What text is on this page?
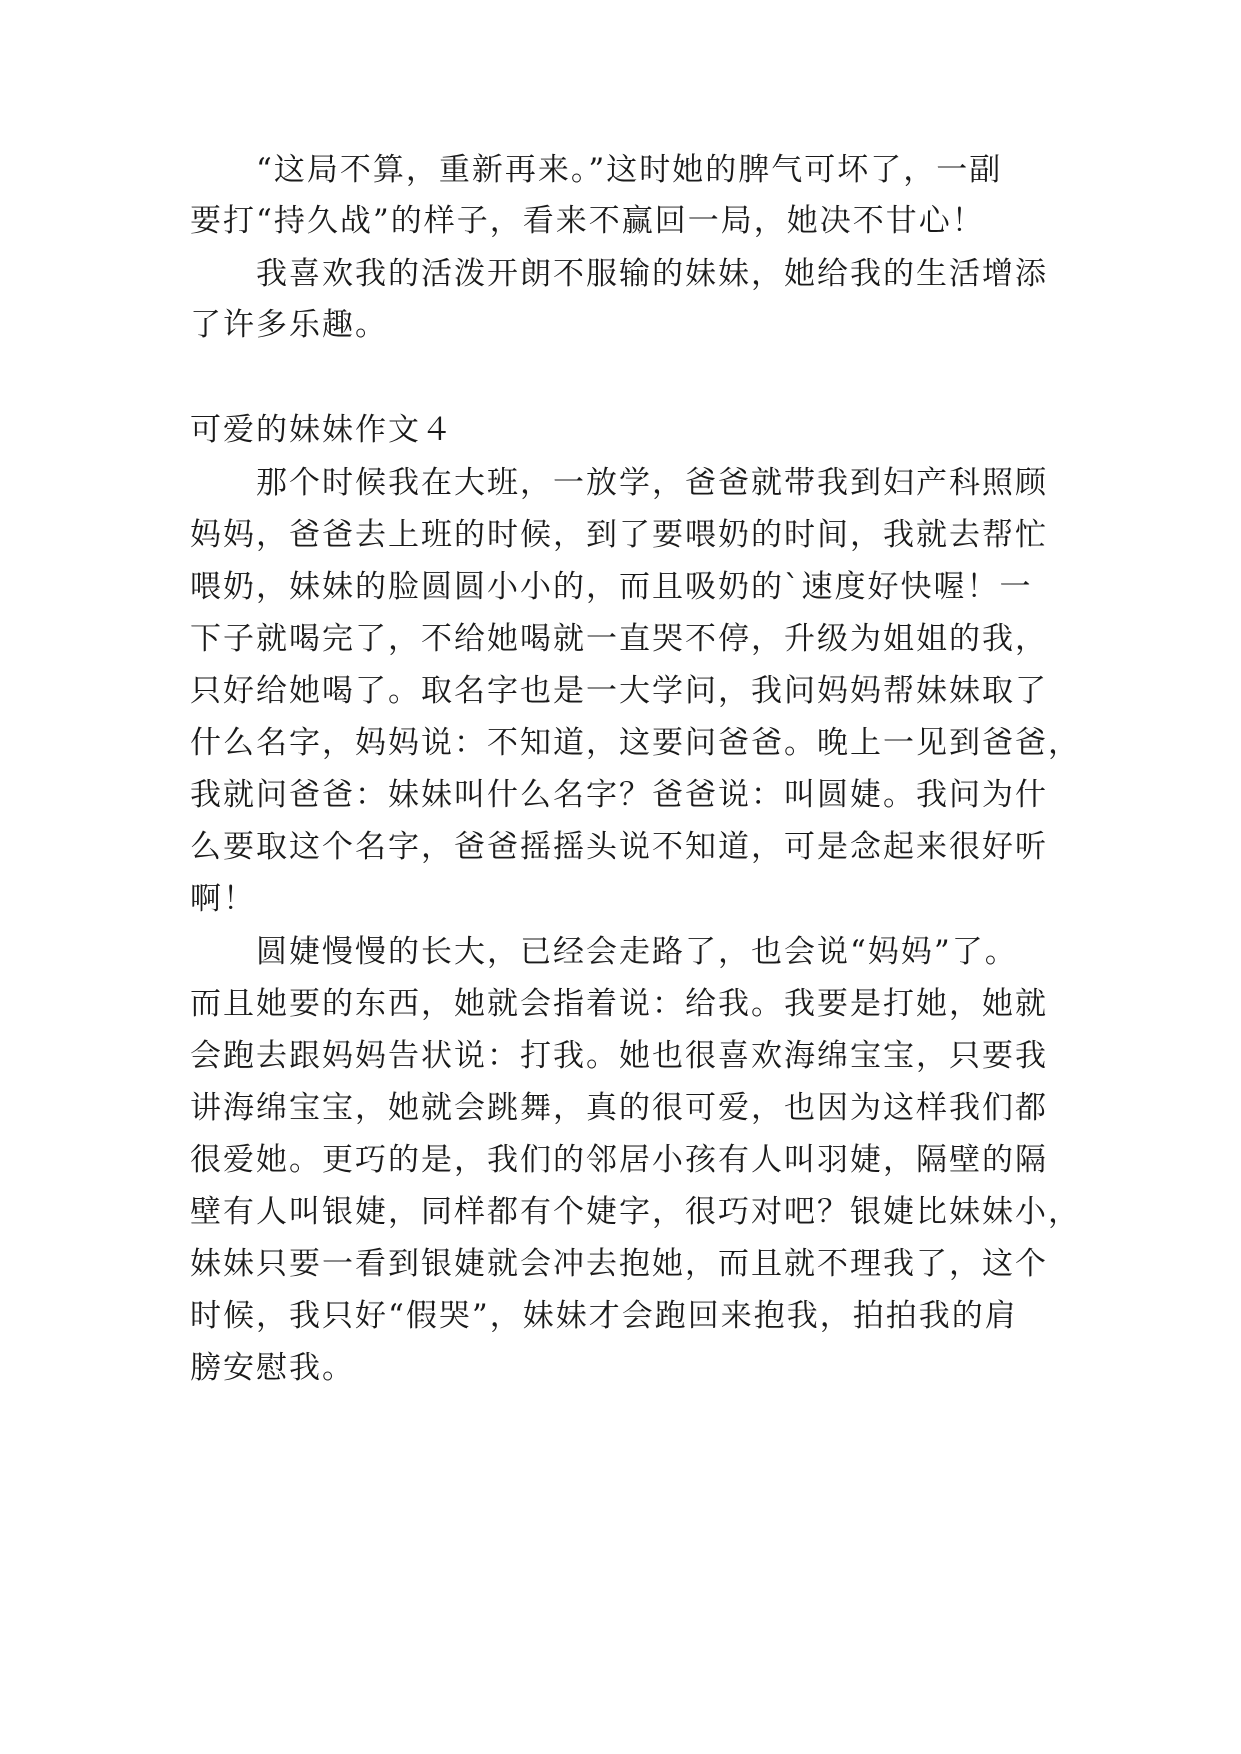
“这局不算，重新再来。”这时她的脾气可坏了，一副
要打“持久战”的样子，看来不赢回一局，她决不甘心！
我喜欢我的活泼开朗不服输的妹妹，她给我的生活增添
了许多乐趣。
可爱的妹妹作文４
那个时候我在大班，一放学，爸爸就带我到妇产科照顾
妈妈，爸爸去上班的时候，到了要喂奶的时间，我就去帮忙
喂奶，妹妹的脸圆圆小小的，而且吸奶的`速度好快喔！一
下子就喝完了，不给她喝就一直哭不停，升级为姐姐的我，
只好给她喝了。取名字也是一大学问，我问妈妈帮妹妹取了
什么名字，妈妈说：不知道，这要问爸爸。晚上一见到爸爸，
我就问爸爸：妹妹叫什么名字？爸爸说：叫圆婕。我问为什
么要取这个名字，爸爸摇摇头说不知道，可是念起来很好听
啊！
圆婕慢慢的长大，已经会走路了，也会说“妈妈”了。
而且她要的东西，她就会指着说：给我。我要是打她，她就
会跑去跟妈妈告状说：打我。她也很喜欢海绵宝宝，只要我
讲海绵宝宝，她就会跳舞，真的很可爱，也因为这样我们都
很爱她。更巧的是，我们的邻居小孩有人叫羽婕，隔壁的隔
壁有人叫银婕，同样都有个婕字，很巧对吧？银婕比妹妹小，
妹妹只要一看到银婕就会冲去抱她，而且就不理我了，这个
时候，我只好“假哭”，妹妹才会跑回来抱我，拍拍我的肩
膀安慰我。
